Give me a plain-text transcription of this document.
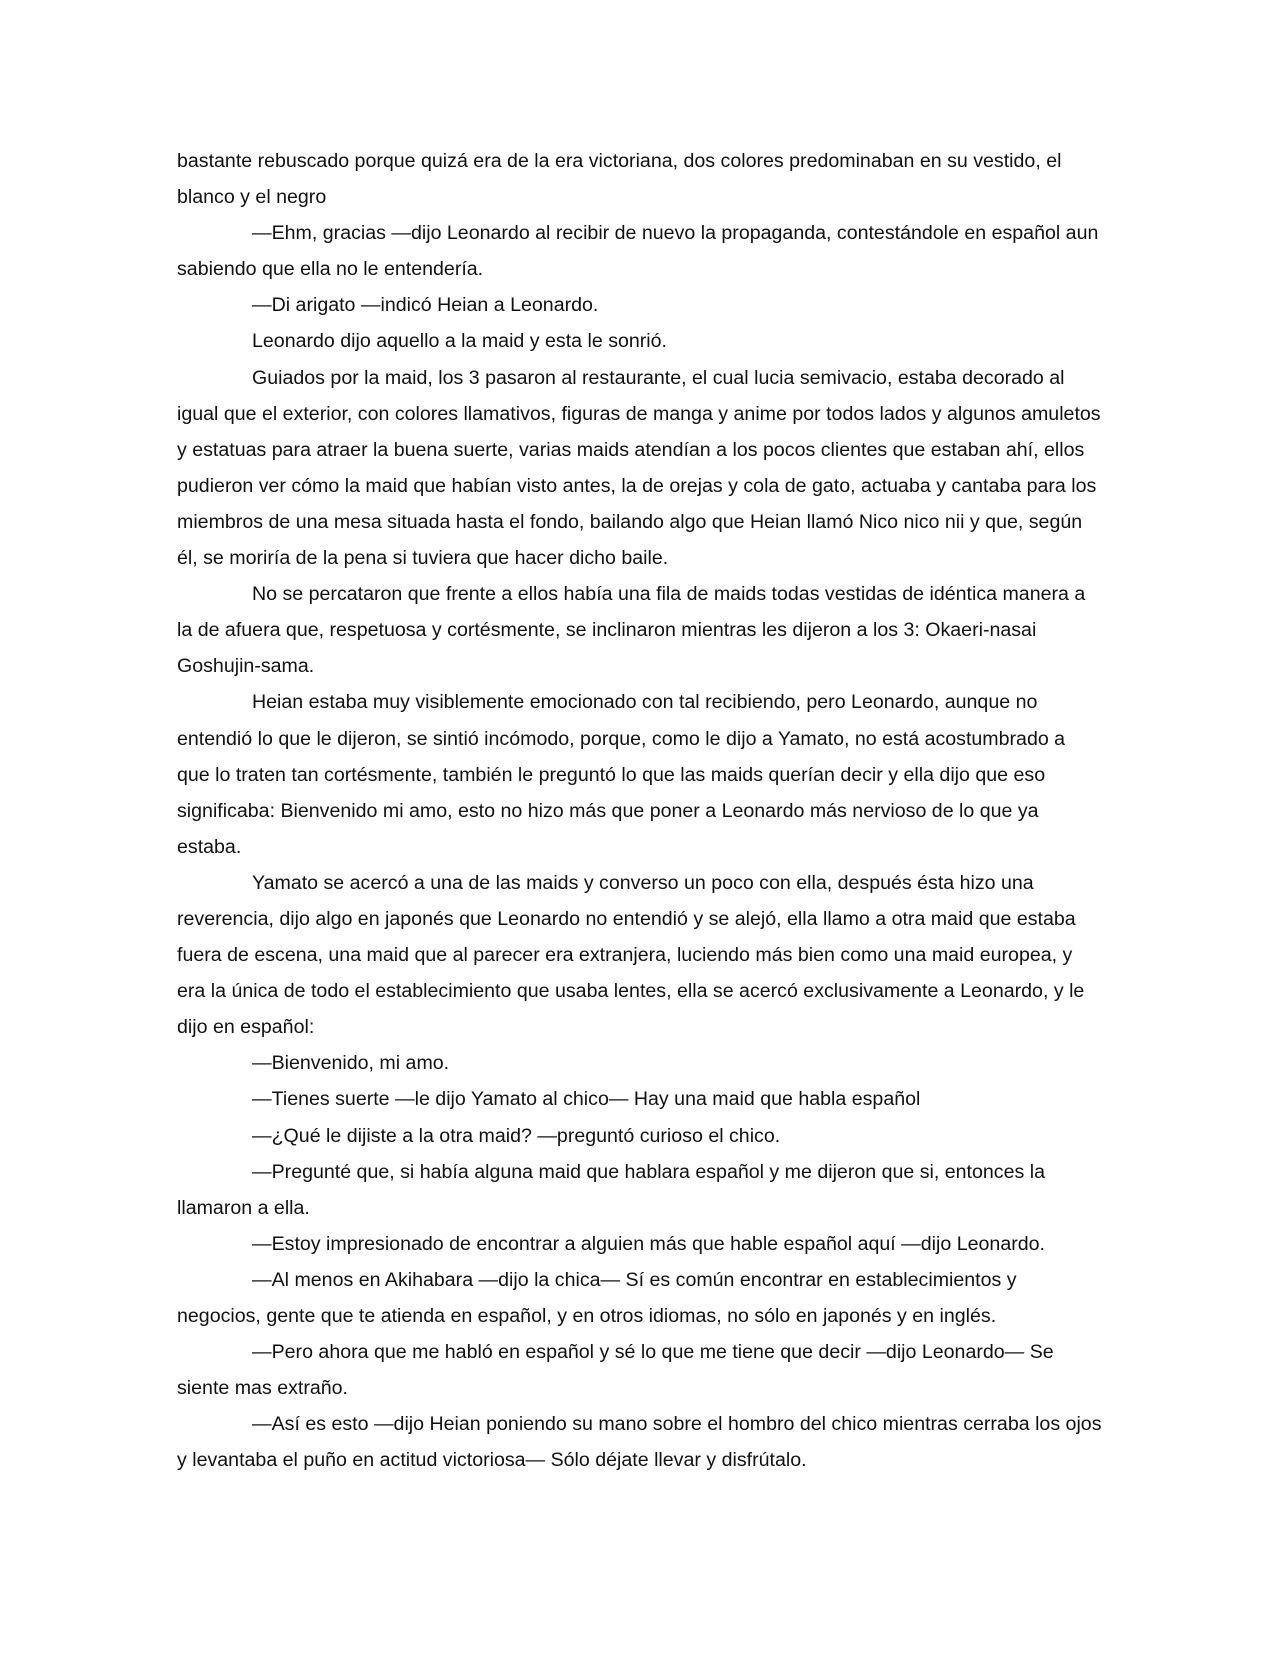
bastante rebuscado porque quizá era de la era victoriana, dos colores predominaban en su vestido, el blanco y el negro

—Ehm, gracias —dijo Leonardo al recibir de nuevo la propaganda, contestándole en español aun sabiendo que ella no le entendería.

—Di arigato —indicó Heian a Leonardo.

Leonardo dijo aquello a la maid y esta le sonrió.

Guiados por la maid, los 3 pasaron al restaurante, el cual lucia semivacio, estaba decorado al igual que el exterior, con colores llamativos, figuras de manga y anime por todos lados y algunos amuletos y estatuas para atraer la buena suerte, varias maids atendían a los pocos clientes que estaban ahí, ellos pudieron ver cómo la maid que habían visto antes, la de orejas y cola de gato, actuaba y cantaba para los miembros de una mesa situada hasta el fondo, bailando algo que Heian llamó Nico nico nii y que, según él, se moriría de la pena si tuviera que hacer dicho baile.

No se percataron que frente a ellos había una fila de maids todas vestidas de idéntica manera a la de afuera que, respetuosa y cortésmente, se inclinaron mientras les dijeron a los 3: Okaeri-nasai Goshujin-sama.

Heian estaba muy visiblemente emocionado con tal recibiendo, pero Leonardo, aunque no entendió lo que le dijeron, se sintió incómodo, porque, como le dijo a Yamato, no está acostumbrado a que lo traten tan cortésmente, también le preguntó lo que las maids querían decir y ella dijo que eso significaba: Bienvenido mi amo, esto no hizo más que poner a Leonardo más nervioso de lo que ya estaba.

Yamato se acercó a una de las maids y converso un poco con ella, después ésta hizo una reverencia, dijo algo en japonés que Leonardo no entendió y se alejó, ella llamo a otra maid que estaba fuera de escena, una maid que al parecer era extranjera, luciendo más bien como una maid europea, y era la única de todo el establecimiento que usaba lentes, ella se acercó exclusivamente a Leonardo, y le dijo en español:

—Bienvenido, mi amo.

—Tienes suerte —le dijo Yamato al chico— Hay una maid que habla español

—¿Qué le dijiste a la otra maid? —preguntó curioso el chico.

—Pregunté que, si había alguna maid que hablara español y me dijeron que si, entonces la llamaron a ella.

—Estoy impresionado de encontrar a alguien más que hable español aquí —dijo Leonardo.

—Al menos en Akihabara —dijo la chica— Sí es común encontrar en establecimientos y negocios, gente que te atienda en español, y en otros idiomas, no sólo en japonés y en inglés.

—Pero ahora que me habló en español y sé lo que me tiene que decir —dijo Leonardo— Se siente mas extraño.

—Así es esto —dijo Heian poniendo su mano sobre el hombro del chico mientras cerraba los ojos y levantaba el puño en actitud victoriosa— Sólo déjate llevar y disfrútalo.
